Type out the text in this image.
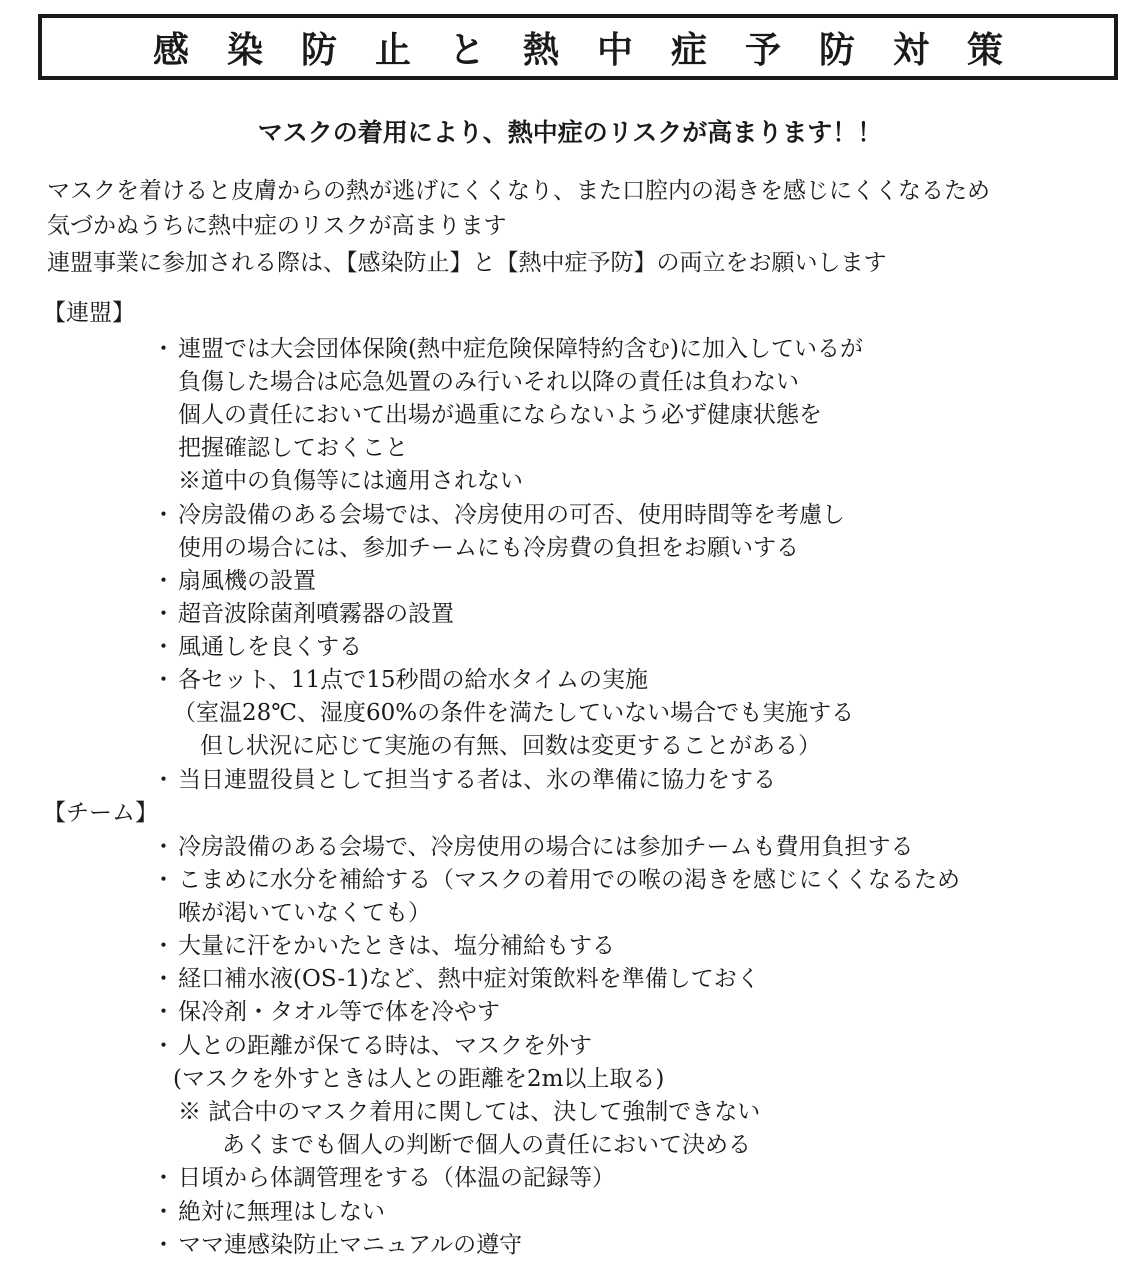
感染防止と熱中症予防対策
マスクの着用により、熱中症のリスクが高まります！！
マスクを着けると皮膚からの熱が逃げにくくなり、また口腔内の渇きを感じにくくなるため
気づかぬうちに熱中症のリスクが高まります
連盟事業に参加される際は、【感染防止】と【熱中症予防】の両立をお願いします
【連盟】
・ 連盟では大会団体保険(熱中症危険保障特約含む)に加入しているが
負傷した場合は応急処置のみ行いそれ以降の責任は負わない
個人の責任において出場が過重にならないよう必ず健康状態を
把握確認しておくこと
※道中の負傷等には適用されない
・ 冷房設備のある会場では、冷房使用の可否、使用時間等を考慮し
使用の場合には、参加チームにも冷房費の負担をお願いする
・ 扇風機の設置
・ 超音波除菌剤噴霧器の設置
・ 風通しを良くする
・ 各セット、11点で15秒間の給水タイムの実施
（室温28℃、湿度60%の条件を満たしていない場合でも実施する
但し状況に応じて実施の有無、回数は変更することがある）
・ 当日連盟役員として担当する者は、氷の準備に協力をする
【チーム】
・ 冷房設備のある会場で、冷房使用の場合には参加チームも費用負担する
・ こまめに水分を補給する（マスクの着用での喉の渇きを感じにくくなるため
喉が渇いていなくても）
・ 大量に汗をかいたときは、塩分補給もする
・ 経口補水液(OS-1)など、熱中症対策飲料を準備しておく
・ 保冷剤・タオル等で体を冷やす
・ 人との距離が保てる時は、マスクを外す
(マスクを外すときは人との距離を2m以上取る)
※ 試合中のマスク着用に関しては、決して強制できない
あくまでも個人の判断で個人の責任において決める
・ 日頃から体調管理をする（体温の記録等）
・ 絶対に無理はしない
・ ママ連感染防止マニュアルの遵守
